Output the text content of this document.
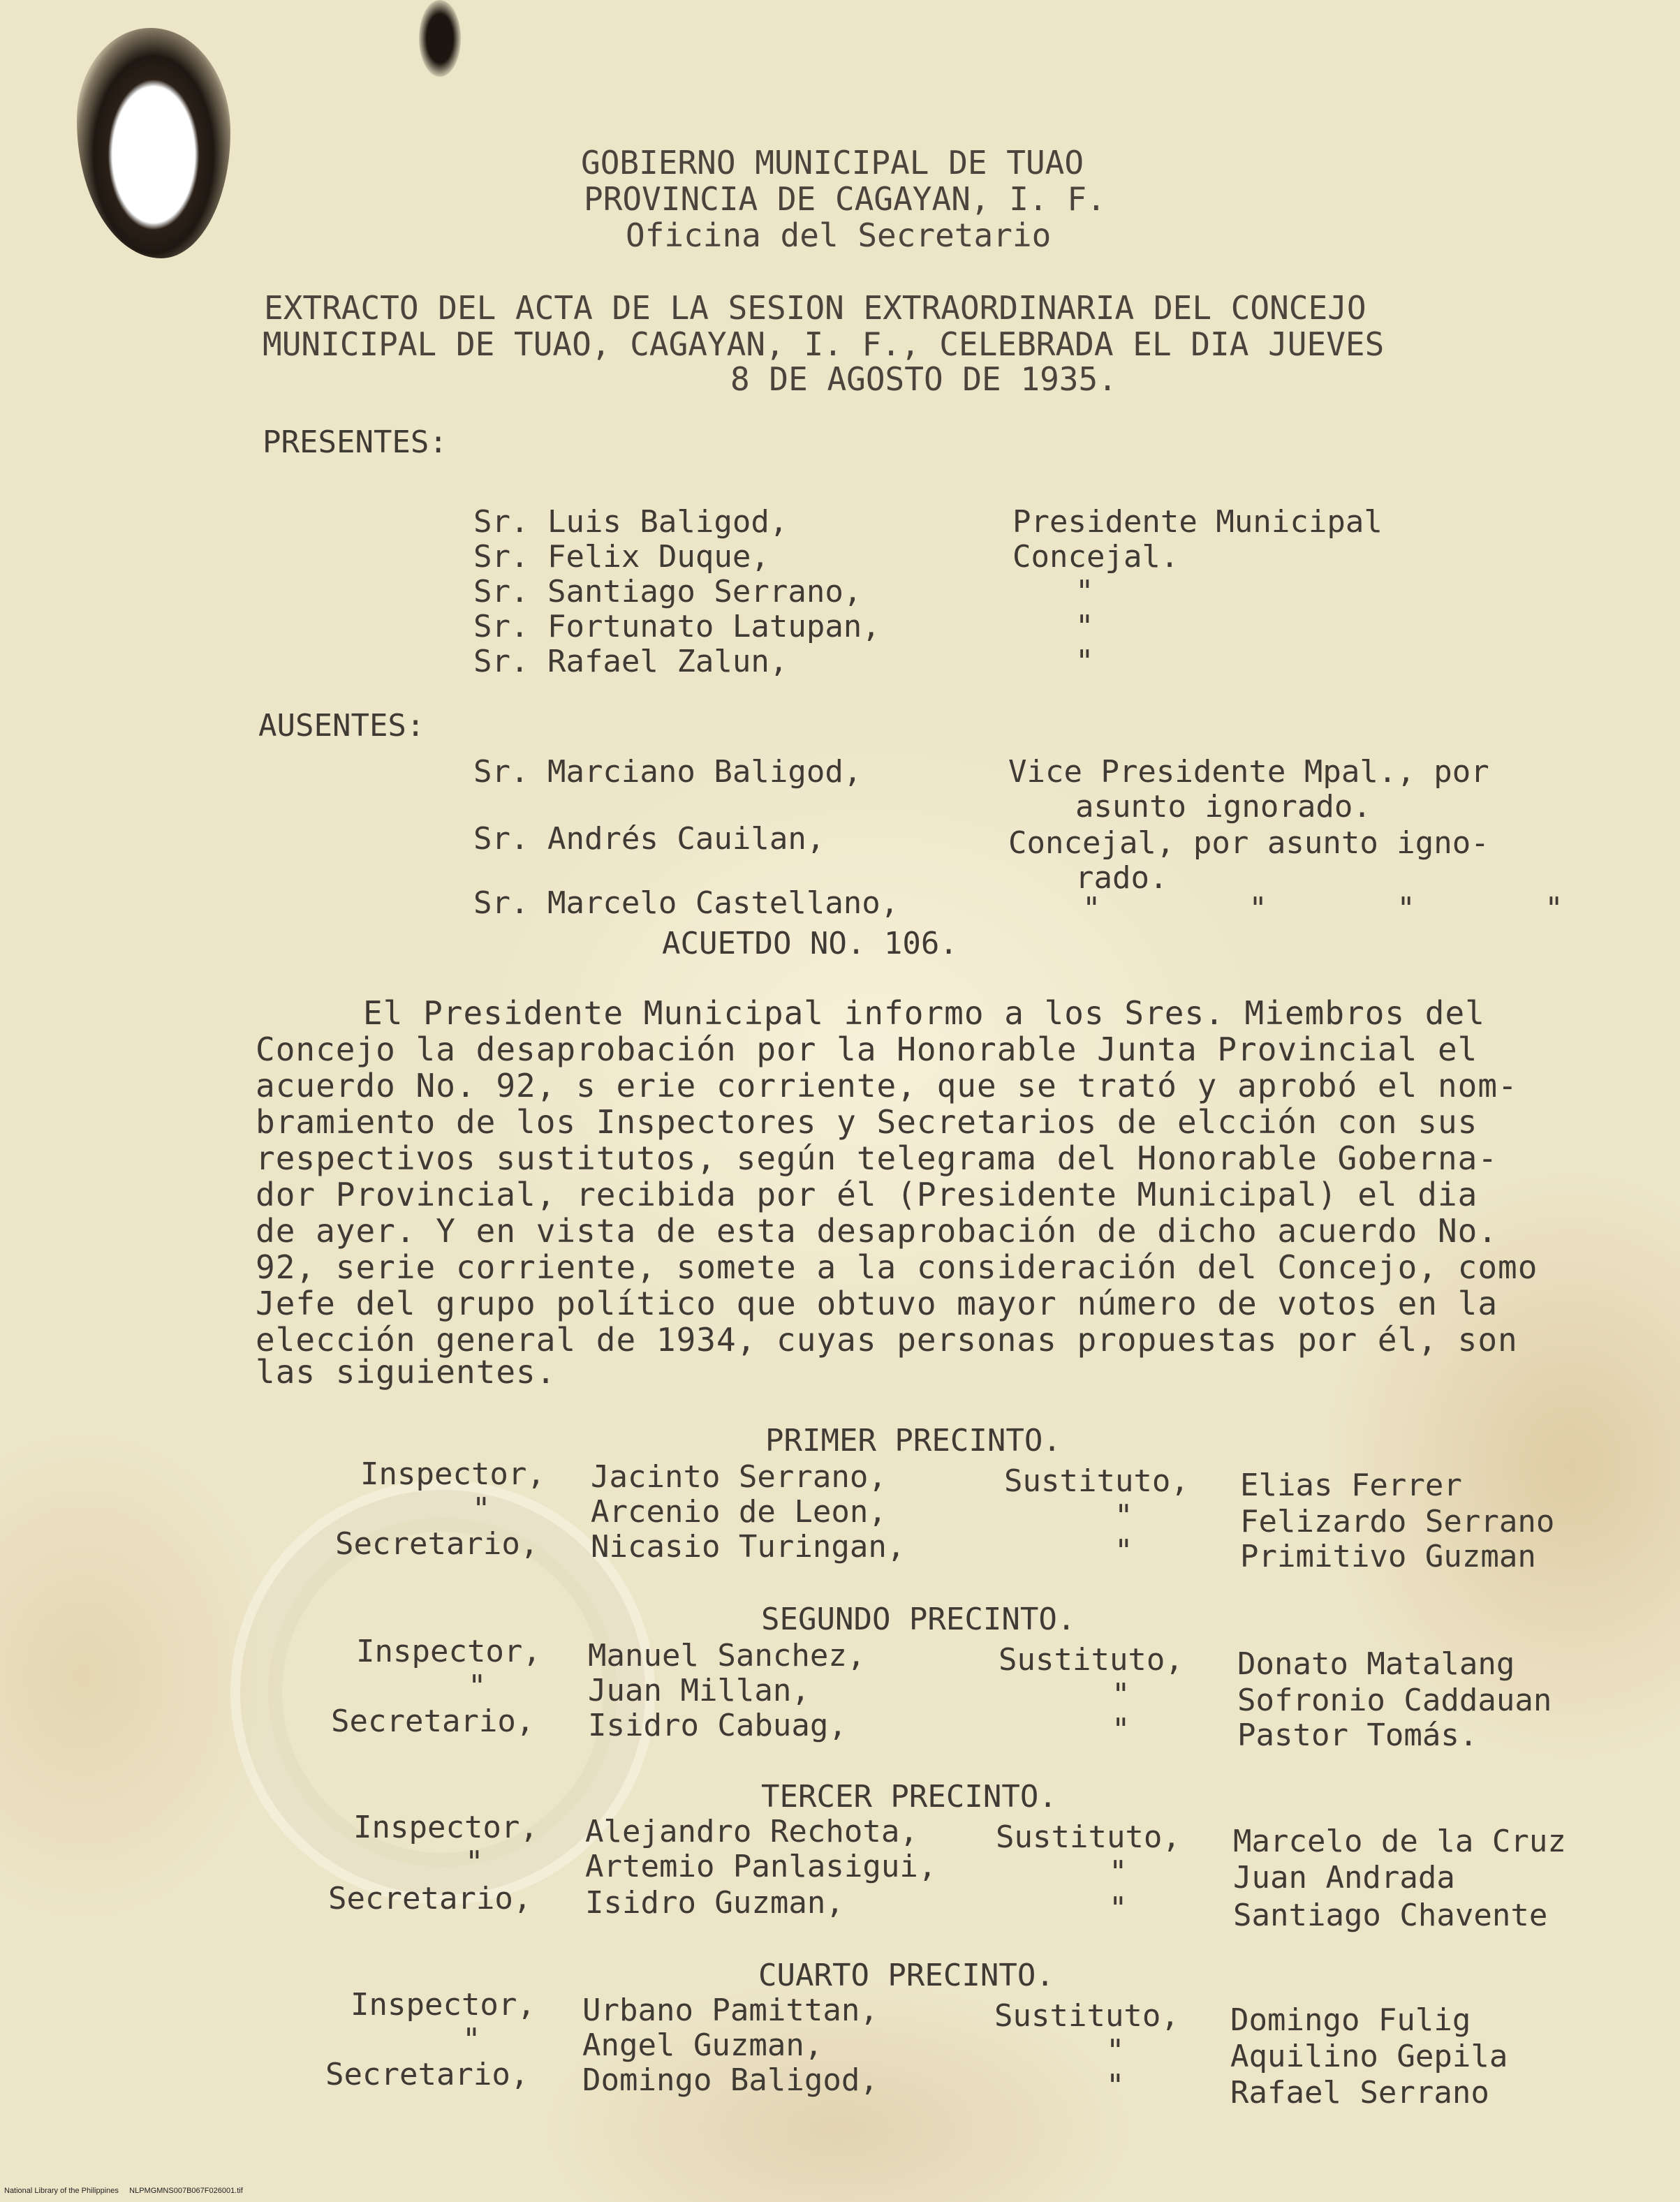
GOBIERNO MUNICIPAL DE TUAO
PROVINCIA DE CAGAYAN, I. F.
Oficina del Secretario
EXTRACTO DEL ACTA DE LA SESION EXTRAORDINARIA DEL CONCEJO
MUNICIPAL DE TUAO, CAGAYAN, I. F., CELEBRADA EL DIA JUEVES
8 DE AGOSTO DE 1935.
PRESENTES:
Sr. Luis Baligod,	Presidente Municipal
Sr. Felix Duque,	Concejal.
Sr. Santiago Serrano,	"
Sr. Fortunato Latupan,	"
Sr. Rafael Zalun,	"
AUSENTES:
Sr. Marciano Baligod,	Vice Presidente Mpal., por
asunto ignorado.
Sr. Andrés Cauilan,	Concejal, por asunto igno-
rado.
Sr. Marcelo Castellano,	"        "       "       "
ACUETDO NO. 106.
El Presidente Municipal informo a los Sres. Miembros del
Concejo la desaprobación por la Honorable Junta Provincial el
acuerdo No. 92, s erie corriente, que se trató y aprobó el nom-
bramiento de los Inspectores y Secretarios de elcción con sus
respectivos sustitutos, según telegrama del Honorable Goberna-
dor Provincial, recibida por él (Presidente Municipal) el dia
de ayer. Y en vista de esta desaprobación de dicho acuerdo No.
92, serie corriente, somete a la consideración del Concejo, como
Jefe del grupo político que obtuvo mayor número de votos en la
elección general de 1934, cuyas personas propuestas por él, son
las siguientes.
PRIMER PRECINTO.
Inspector, Jacinto Serrano,	Sustituto, Elias Ferrer
"	Arcenio de Leon,	"	Felizardo Serrano
Secretario, Nicasio Turingan,	"	Primitivo Guzman
SEGUNDO PRECINTO.
Inspector, Manuel Sanchez,	Sustituto, Donato Matalang
"	Juan Millan,	"	Sofronio Caddauan
Secretario, Isidro Cabuag,	"	Pastor Tomás.
TERCER PRECINTO.
Inspector, Alejandro Rechota,	Sustituto, Marcelo de la Cruz
"	Artemio Panlasigui,	"	Juan Andrada
Secretario, Isidro Guzman,	"	Santiago Chavente
CUARTO PRECINTO.
Inspector, Urbano Pamittan,	Sustituto, Domingo Fulig
"	Angel Guzman,	"	Aquilino Gepila
Secretario, Domingo Baligod,	"	Rafael Serrano
National Library of the Philippines     NLPMGMNS007B067F026001.tif
